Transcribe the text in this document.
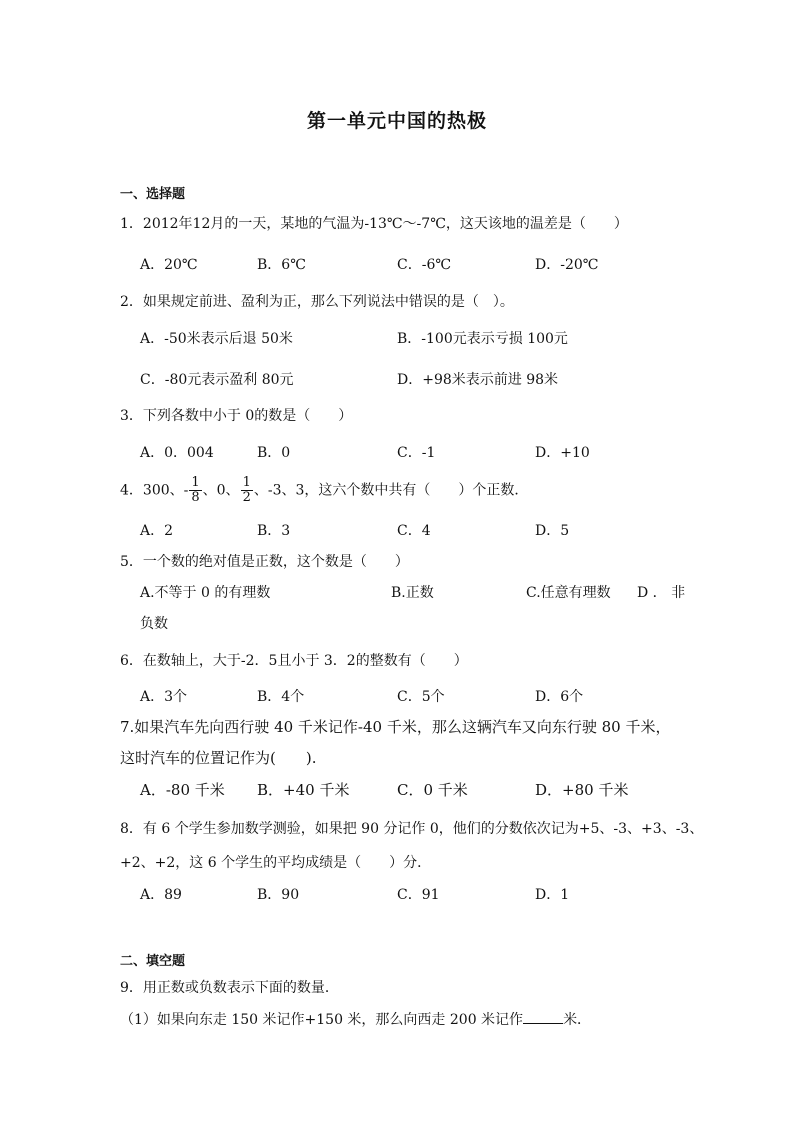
第一单元中国的热极
一、选择题
1．2012年12月的一天，某地的气温为-13℃～-7℃，这天该地的温差是（　　）
A．20℃	B．6℃	C．-6℃	D．-20℃
2．如果规定前进、盈利为正，那么下列说法中错误的是（　）。
A．-50米表示后退 50米	B．-100元表示亏损 100元
C．-80元表示盈利 80元	D．+98米表示前进 98米
3．下列各数中小于 0的数是（　　）
A．0．004	B．0	C．-1	D．+10
4．300、- $\frac{1}{8}$ 、0、 $\frac{1}{2}$ 、-3、3，这六个数中共有（　　）个正数．
A．2	B．3	C．4	D．5
5．一个数的绝对值是正数，这个数是（　　）
A.不等于 0 的有理数	B.正数	C.任意有理数 D ． 非
负数
6．在数轴上，大于-2．5且小于 3．2的整数有（　　）
A．3个	B．4个	C．5个	D．6个
7.如果汽车先向西行驶 40 千米记作-40 千米，那么这辆汽车又向东行驶 80 千米，
这时汽车的位置记作为(　　).
A．-80 千米 B．+40 千米	C．0 千米	D．+80 千米
8．有 6 个学生参加数学测验，如果把 90 分记作 0，他们的分数依次记为+5、-3、+3、-3、
+2、+2，这 6 个学生的平均成绩是（　　）分．
A．89	B．90	C．91	D．1
二、填空题
9．用正数或负数表示下面的数量．
（1）如果向东走 150 米记作+150 米，那么向西走 200 米记作	米．
